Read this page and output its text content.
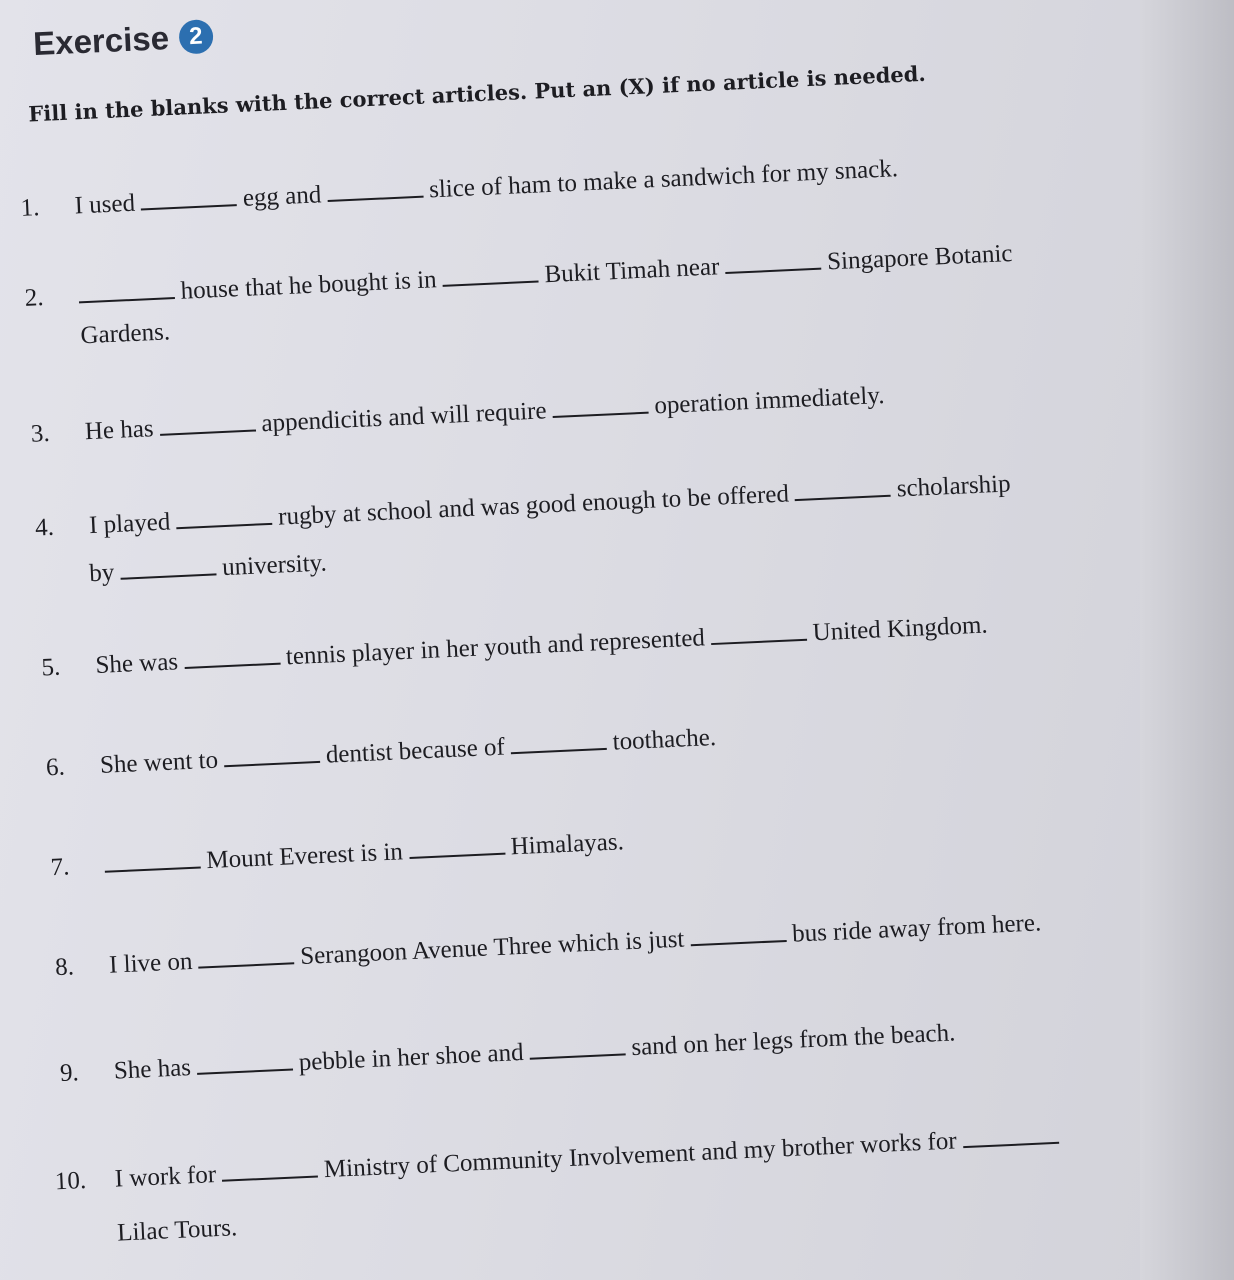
Exercise 2
Fill in the blanks with the correct articles. Put an (X) if no article is needed.
1. I used	egg and	slice of ham to make a sandwich for my snack.
2.	house that he bought is in	Bukit Timah near	Singapore Botanic
Gardens.
3. He has	appendicitis and will require	operation immediately.
4. I played	rugby at school and was good enough to be offered	scholarship
by	university.
5. She was	tennis player in her youth and represented	United Kingdom.
6. She went to	dentist because of	toothache.
7.	Mount Everest is in	Himalayas.
8. I live on	Serangoon Avenue Three which is just	bus ride away from here.
9. She has	pebble in her shoe and	sand on her legs from the beach.
10. I work for	Ministry of Community Involvement and my brother works for
Lilac Tours.
